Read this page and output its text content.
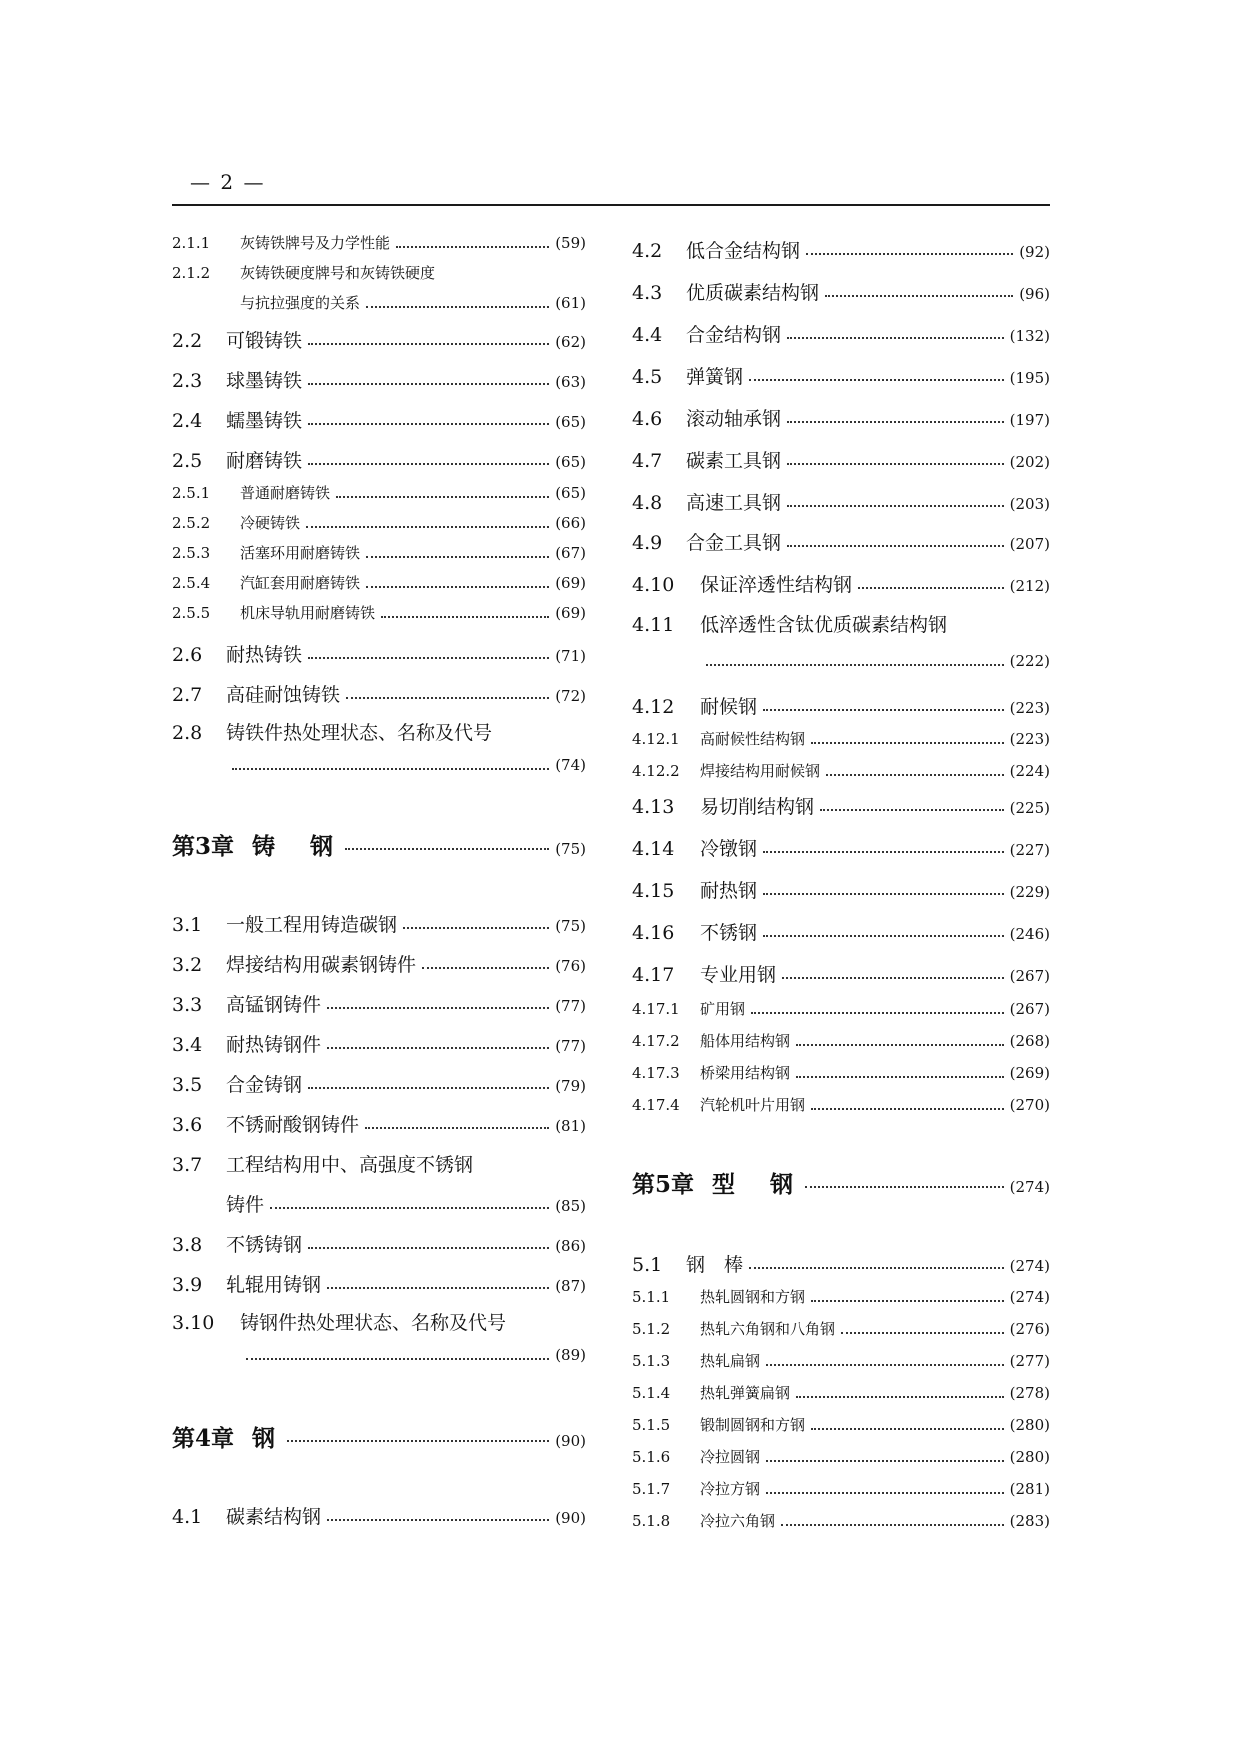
— 2 —
2.1.1	灰铸铁牌号及力学性能	(59)
2.1.2	灰铸铁硬度牌号和灰铸铁硬度
与抗拉强度的关系	(61)
2.2	可锻铸铁	(62)
2.3	球墨铸铁	(63)
2.4	蠕墨铸铁	(65)
2.5	耐磨铸铁	(65)
2.5.1	普通耐磨铸铁	(65)
2.5.2	冷硬铸铁	(66)
2.5.3	活塞环用耐磨铸铁	(67)
2.5.4	汽缸套用耐磨铸铁	(69)
2.5.5	机床导轨用耐磨铸铁	(69)
2.6	耐热铸铁	(71)
2.7	高硅耐蚀铸铁	(72)
2.8	铸铁件热处理状态、名称及代号
(74)
第3章 铸　钢	(75)
3.1	一般工程用铸造碳钢	(75)
3.2	焊接结构用碳素钢铸件	(76)
3.3	高锰钢铸件	(77)
3.4	耐热铸钢件	(77)
3.5	合金铸钢	(79)
3.6	不锈耐酸钢铸件	(81)
3.7	工程结构用中、高强度不锈钢
铸件	(85)
3.8	不锈铸钢	(86)
3.9	轧辊用铸钢	(87)
3.10	铸钢件热处理状态、名称及代号
(89)
第4章 钢	(90)
4.1	碳素结构钢	(90)
4.2	低合金结构钢	(92)
4.3	优质碳素结构钢	(96)
4.4	合金结构钢	(132)
4.5	弹簧钢	(195)
4.6	滚动轴承钢	(197)
4.7	碳素工具钢	(202)
4.8	高速工具钢	(203)
4.9	合金工具钢	(207)
4.10	保证淬透性结构钢	(212)
4.11	低淬透性含钛优质碳素结构钢
(222)
4.12	耐候钢	(223)
4.12.1	高耐候性结构钢	(223)
4.12.2	焊接结构用耐候钢	(224)
4.13	易切削结构钢	(225)
4.14	冷镦钢	(227)
4.15	耐热钢	(229)
4.16	不锈钢	(246)
4.17	专业用钢	(267)
4.17.1	矿用钢	(267)
4.17.2	船体用结构钢	(268)
4.17.3	桥梁用结构钢	(269)
4.17.4	汽轮机叶片用钢	(270)
第5章 型　钢	(274)
5.1	钢　棒	(274)
5.1.1	热轧圆钢和方钢	(274)
5.1.2	热轧六角钢和八角钢	(276)
5.1.3	热轧扁钢	(277)
5.1.4	热轧弹簧扁钢	(278)
5.1.5	锻制圆钢和方钢	(280)
5.1.6	冷拉圆钢	(280)
5.1.7	冷拉方钢	(281)
5.1.8	冷拉六角钢	(283)
